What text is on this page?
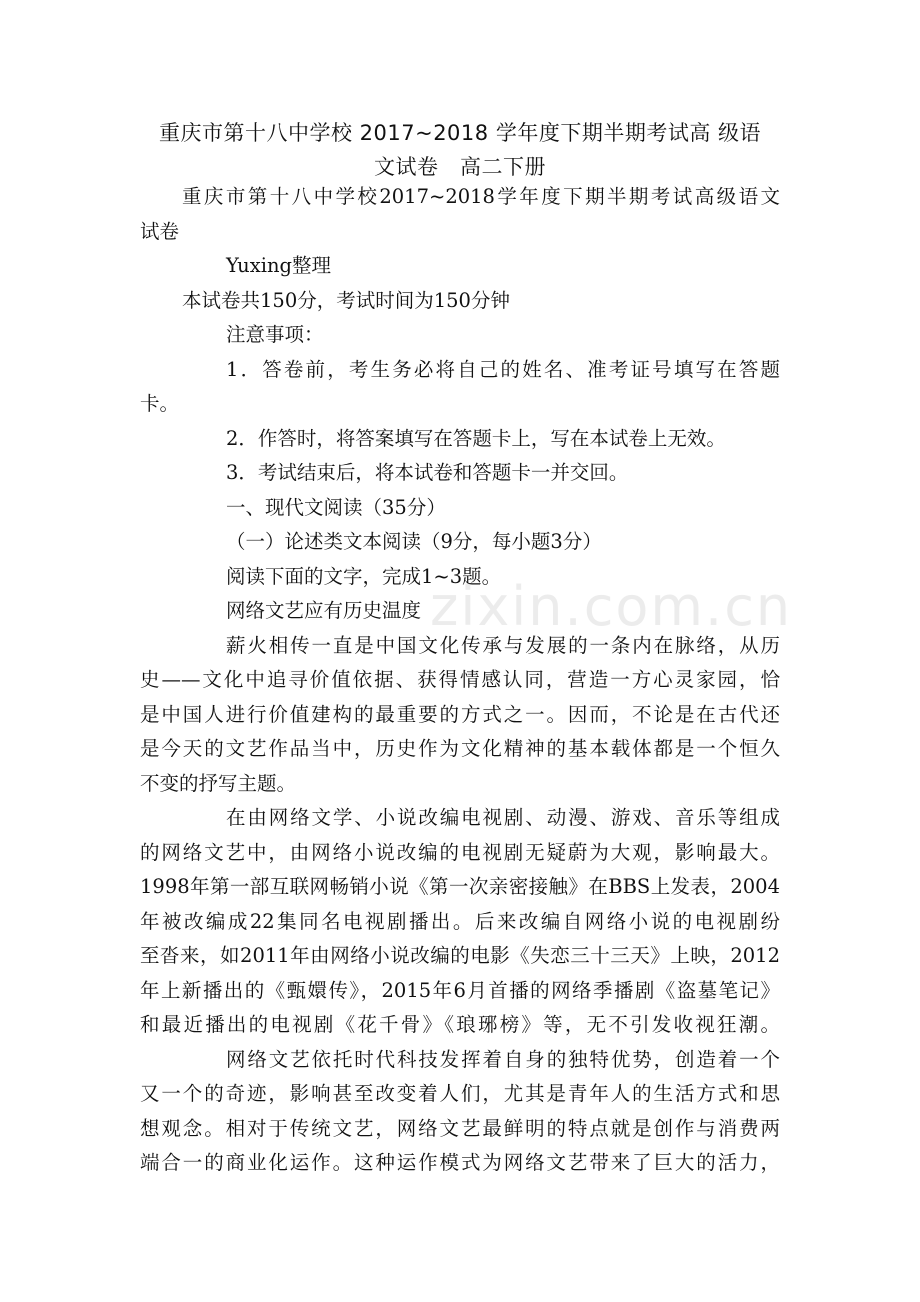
重庆市第十八中学校 2017~2018 学年度下期半期考试高 级语
文试卷　高二下册
重庆市第十八中学校2017~2018学年度下期半期考试高级语文
试卷
Yuxing整理
本试卷共150分，考试时间为150分钟
注意事项：
1．答卷前，考生务必将自己的姓名、准考证号填写在答题
卡。
2．作答时，将答案填写在答题卡上，写在本试卷上无效。
3．考试结束后，将本试卷和答题卡一并交回。
一、现代文阅读（35分）
（一）论述类文本阅读（9分，每小题3分）
阅读下面的文字，完成1~3题。
网络文艺应有历史温度
薪火相传一直是中国文化传承与发展的一条内在脉络，从历
史——文化中追寻价值依据、获得情感认同，营造一方心灵家园，恰
是中国人进行价值建构的最重要的方式之一。因而，不论是在古代还
是今天的文艺作品当中，历史作为文化精神的基本载体都是一个恒久
不变的抒写主题。
在由网络文学、小说改编电视剧、动漫、游戏、音乐等组成
的网络文艺中，由网络小说改编的电视剧无疑蔚为大观，影响最大。
1998年第一部互联网畅销小说《第一次亲密接触》在BBS上发表，2004
年被改编成22集同名电视剧播出。后来改编自网络小说的电视剧纷
至沓来，如2011年由网络小说改编的电影《失恋三十三天》上映，2012
年上新播出的《甄嬛传》，2015年6月首播的网络季播剧《盗墓笔记》
和最近播出的电视剧《花千骨》《琅琊榜》等，无不引发收视狂潮。
网络文艺依托时代科技发挥着自身的独特优势，创造着一个
又一个的奇迹，影响甚至改变着人们，尤其是青年人的生活方式和思
想观念。相对于传统文艺，网络文艺最鲜明的特点就是创作与消费两
端合一的商业化运作。这种运作模式为网络文艺带来了巨大的活力，
zixin.com.cn
